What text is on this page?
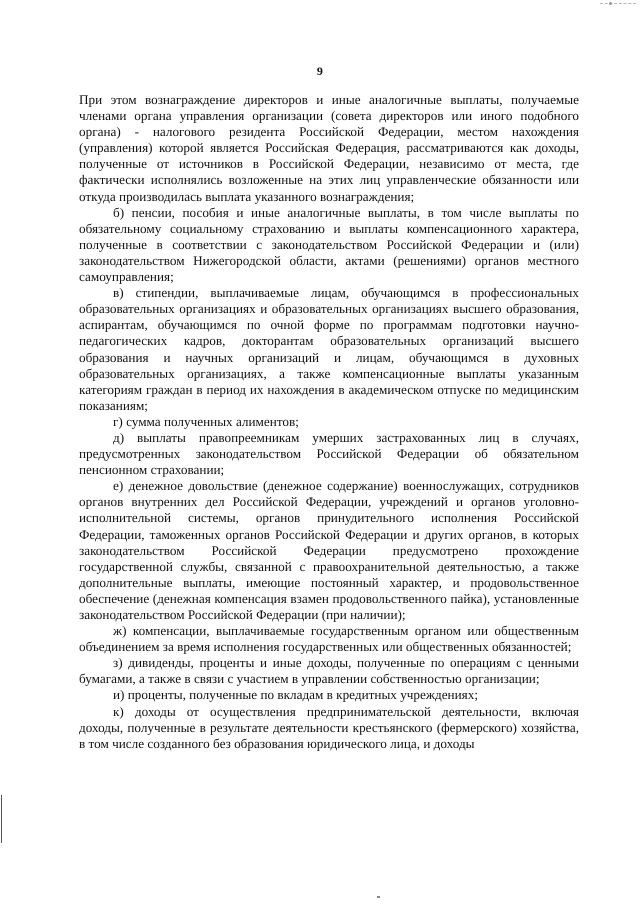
9

При этом вознаграждение директоров и иные аналогичные выплаты, получаемые членами органа управления организации (совета директоров или иного подобного органа) - налогового резидента Российской Федерации, местом нахождения (управления) которой является Российская Федерация, рассматриваются как доходы, полученные от источников в Российской Федерации, независимо от места, где фактически исполнялись возложенные на этих лиц управленческие обязанности или откуда производилась выплата указанного вознаграждения;

б) пенсии, пособия и иные аналогичные выплаты, в том числе выплаты по обязательному социальному страхованию и выплаты компенсационного характера, полученные в соответствии с законодательством Российской Федерации и (или) законодательством Нижегородской области, актами (решениями) органов местного самоуправления;

в) стипендии, выплачиваемые лицам, обучающимся в профессиональных образовательных организациях и образовательных организациях высшего образования, аспирантам, обучающимся по очной форме по программам подготовки научно-педагогических кадров, докторантам образовательных организаций высшего образования и научных организаций и лицам, обучающимся в духовных образовательных организациях, а также компенсационные выплаты указанным категориям граждан в период их нахождения в академическом отпуске по медицинским показаниям;

г) сумма полученных алиментов;

д) выплаты правопреемникам умерших застрахованных лиц в случаях, предусмотренных законодательством Российской Федерации об обязательном пенсионном страховании;

е) денежное довольствие (денежное содержание) военнослужащих, сотрудников органов внутренних дел Российской Федерации, учреждений и органов уголовно-исполнительной системы, органов принудительного исполнения Российской Федерации, таможенных органов Российской Федерации и других органов, в которых законодательством Российской Федерации предусмотрено прохождение государственной службы, связанной с правоохранительной деятельностью, а также дополнительные выплаты, имеющие постоянный характер, и продовольственное обеспечение (денежная компенсация взамен продовольственного пайка), установленные законодательством Российской Федерации (при наличии);

ж) компенсации, выплачиваемые государственным органом или общественным объединением за время исполнения государственных или общественных обязанностей;

з) дивиденды, проценты и иные доходы, полученные по операциям с ценными бумагами, а также в связи с участием в управлении собственностью организации;

и) проценты, полученные по вкладам в кредитных учреждениях;

к) доходы от осуществления предпринимательской деятельности, включая доходы, полученные в результате деятельности крестьянского (фермерского) хозяйства, в том числе созданного без образования юридического лица, и доходы
